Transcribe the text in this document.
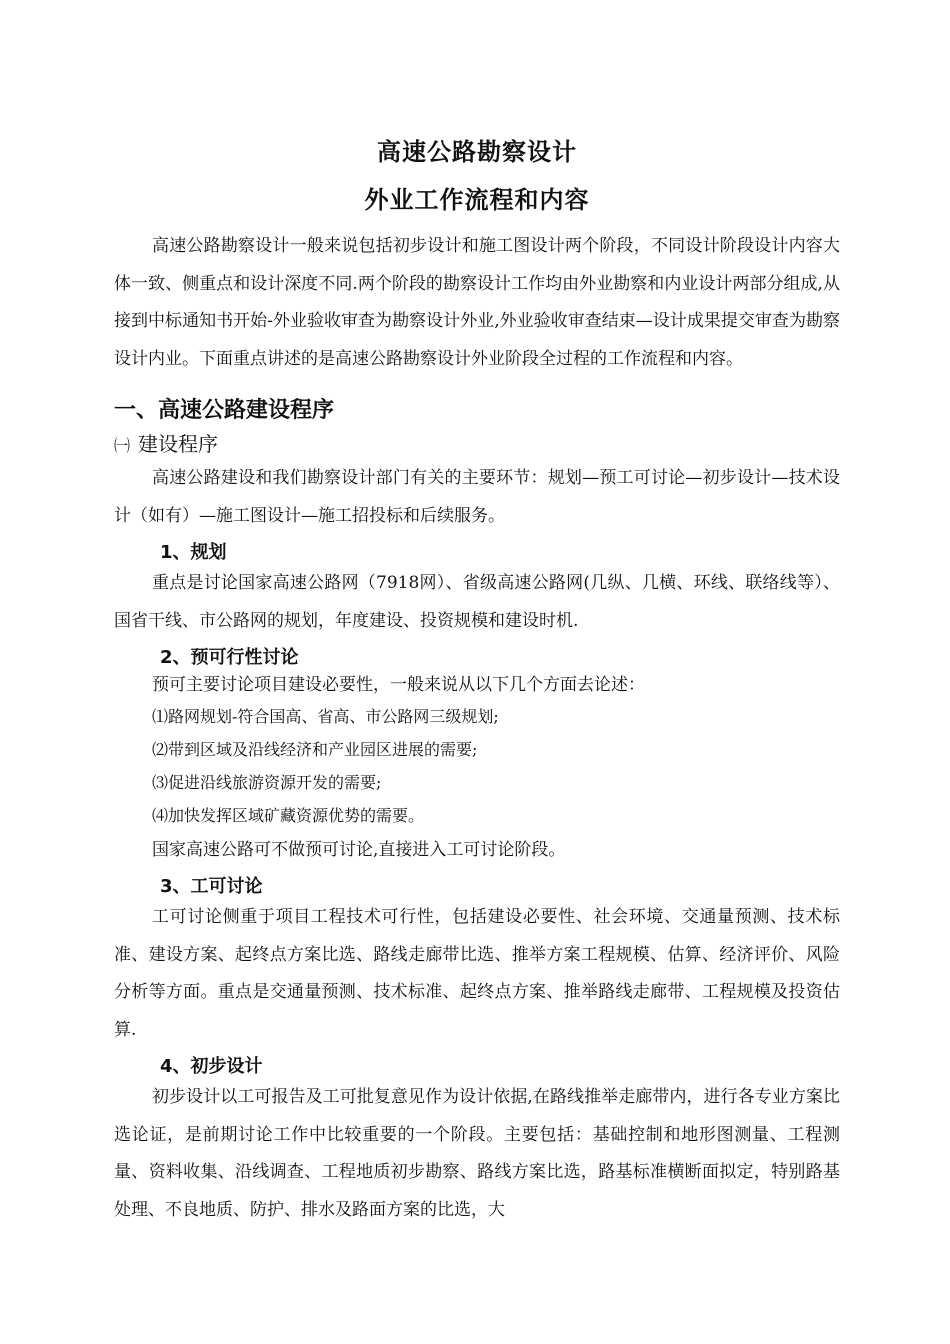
高速公路勘察设计
外业工作流程和内容

高速公路勘察设计一般来说包括初步设计和施工图设计两个阶段，不同设计阶段设计内容大体一致、侧重点和设计深度不同.两个阶段的勘察设计工作均由外业勘察和内业设计两部分组成,从接到中标通知书开始-外业验收审查为勘察设计外业,外业验收审查结束—设计成果提交审查为勘察设计内业。下面重点讲述的是高速公路勘察设计外业阶段全过程的工作流程和内容。

一、高速公路建设程序
㈠ 建设程序

高速公路建设和我们勘察设计部门有关的主要环节：规划—预工可讨论—初步设计—技术设计（如有）—施工图设计—施工招投标和后续服务。

1、规划

重点是讨论国家高速公路网（7918网）、省级高速公路网(几纵、几横、环线、联络线等）、国省干线、市公路网的规划，年度建设、投资规模和建设时机.

2、预可行性讨论

预可主要讨论项目建设必要性，一般来说从以下几个方面去论述：

⑴路网规划-符合国高、省高、市公路网三级规划;

⑵带到区域及沿线经济和产业园区进展的需要;

⑶促进沿线旅游资源开发的需要;

⑷加快发挥区域矿藏资源优势的需要。

国家高速公路可不做预可讨论,直接进入工可讨论阶段。

3、工可讨论

工可讨论侧重于项目工程技术可行性，包括建设必要性、社会环境、交通量预测、技术标准、建设方案、起终点方案比选、路线走廊带比选、推举方案工程规模、估算、经济评价、风险分析等方面。重点是交通量预测、技术标准、起终点方案、推举路线走廊带、工程规模及投资估算.

4、初步设计

初步设计以工可报告及工可批复意见作为设计依据,在路线推举走廊带内，进行各专业方案比选论证，是前期讨论工作中比较重要的一个阶段。主要包括：基础控制和地形图测量、工程测量、资料收集、沿线调查、工程地质初步勘察、路线方案比选，路基标准横断面拟定，特别路基处理、不良地质、防护、排水及路面方案的比选，大
